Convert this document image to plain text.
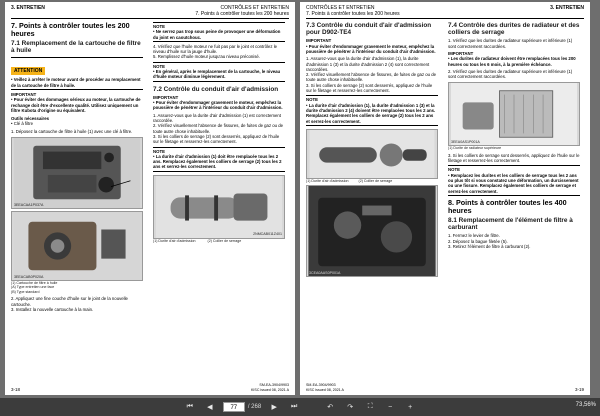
3. ENTRETIEN	CONTRÔLES ET ENTRETIEN
7. Points à contrôler toutes les 200 heures
7. Points à contrôler toutes les 200 heures
7.1 Remplacement de la cartouche de filtre à huile
ATTENTION
• Veillez à arrêter le moteur avant de procéder au remplacement de la cartouche de filtre à huile.
IMPORTANT
• Pour éviter des dommages sérieux au moteur, la cartouche de rechange doit être d'excellente qualité. Utilisez uniquement un filtre Kubota d'origine ou équivalent.
Outils nécessaires
• Clé à filtre
1. Déposez la cartouche de filtre à huile (1) avec une clé à filtre.
3EEACAA1P037A
3EEACAB0P020A
(1) Cartouche de filtre à huile
(A) Type entretien une face
(B) Type standard
2. Appliquez une fine couche d'huile sur le joint de la nouvelle cartouche.
3. Installez la nouvelle cartouche à la main.
NOTE
• Ne serrez pas trop sous peine de provoquer une déformation du joint en caoutchouc.
4. Vérifiez que l'huile moteur ne fuit pas par le joint et contrôlez le niveau d'huile sur la jauge d'huile.
5. Remplissez d'huile moteur jusqu'au niveau préconisé.
NOTE
• En général, après le remplacement de la cartouche, le niveau d'huile moteur diminue légèrement.
7.2 Contrôle du conduit d'air d'admission
IMPORTANT
• Pour éviter d'endommager gravement le moteur, empêchez la poussière de pénétrer à l'intérieur du conduit d'air d'admission.
1. Assurez-vous que la durite d'air d'admission (1) est correctement raccordée.
2. Vérifiez visuellement l'absence de fissures, de fuites de gaz ou de toute autre chose inhabituelle.
3. Si les colliers de serrage (2) sont desserrés, appliquez de l'huile sur le filetage et resserrez-les correctement.
NOTE
• La durite d'air d'admission (1) doit être remplacée tous les 2 ans. Remplacez également les colliers de serrage (2) tous les 2 ans et serrez-les correctement.
2NMCAB011Z401
(1) Durite d'air d'admission	(2) Collier de serrage
3-18
SM-EA-3904/9903
KISC issued 08, 2021 A
CONTRÔLES ET ENTRETIEN
7. Points à contrôler toutes les 200 heures
3. ENTRETIEN
7.3 Contrôle du conduit d'air d'admission pour D902-TE4
IMPORTANT
• Pour éviter d'endommager gravement le moteur, empêchez la poussière de pénétrer à l'intérieur du conduit d'air d'admission.
1. Assurez-vous que la durite d'air d'admission (1), la durite d'admission 1 (3) et la durite d'admission 2 (4) sont correctement raccordées.
2. Vérifiez visuellement l'absence de fissures, de fuites de gaz ou de toute autre chose inhabituelle.
3. Si les colliers de serrage (2) sont desserrés, appliquez de l'huile sur le filetage et resserrez-les correctement.
NOTE
• La durite d'air d'admission (1), la durite d'admission 1 (3) et la durite d'admission 2 (4) doivent être remplacées tous les 2 ans. Remplacez également les colliers de serrage (2) tous les 2 ans et serrez-les correctement.
(1) Durite d'air d'admission	(2) Collier de serrage
3CEA0AAS0P001A
7.4 Contrôle des durites de radiateur et des colliers de serrage
1. Vérifiez que les durites de radiateur supérieure et inférieure (1) sont correctement raccordées.
IMPORTANT
• Les durites de radiateur doivent être remplacées tous les 200 heures ou tous les 6 mois, à la première échéance.
2. Vérifiez que les durites de radiateur supérieure et inférieure (1) sont correctement raccordées.
3EEA0AS1P001A
(1) Durite de radiateur supérieure
3. Si les colliers de serrage sont desserrés, appliquez de l'huile sur le filetage et resserrez-les correctement.
NOTE
• Remplacez les durites et les colliers de serrage tous les 2 ans ou plus tôt si vous constatez une déformation, un durcissement ou une fissure. Remplacez également les colliers de serrage et serrez-les correctement.
8. Points à contrôler toutes les 400 heures
8.1 Remplacement de l'élément de filtre à carburant
1. Fermez le levier de filtre.
2. Déposez la bague filetée (5).
3. Retirez l'élément de filtre à carburant (2).
3-19
SM-EA-3904/9903
KISC issued 08, 2021 A
⏮	◀	77	/ 268	▶	⏭	↶	↷	⛶	−	+	73,56%
